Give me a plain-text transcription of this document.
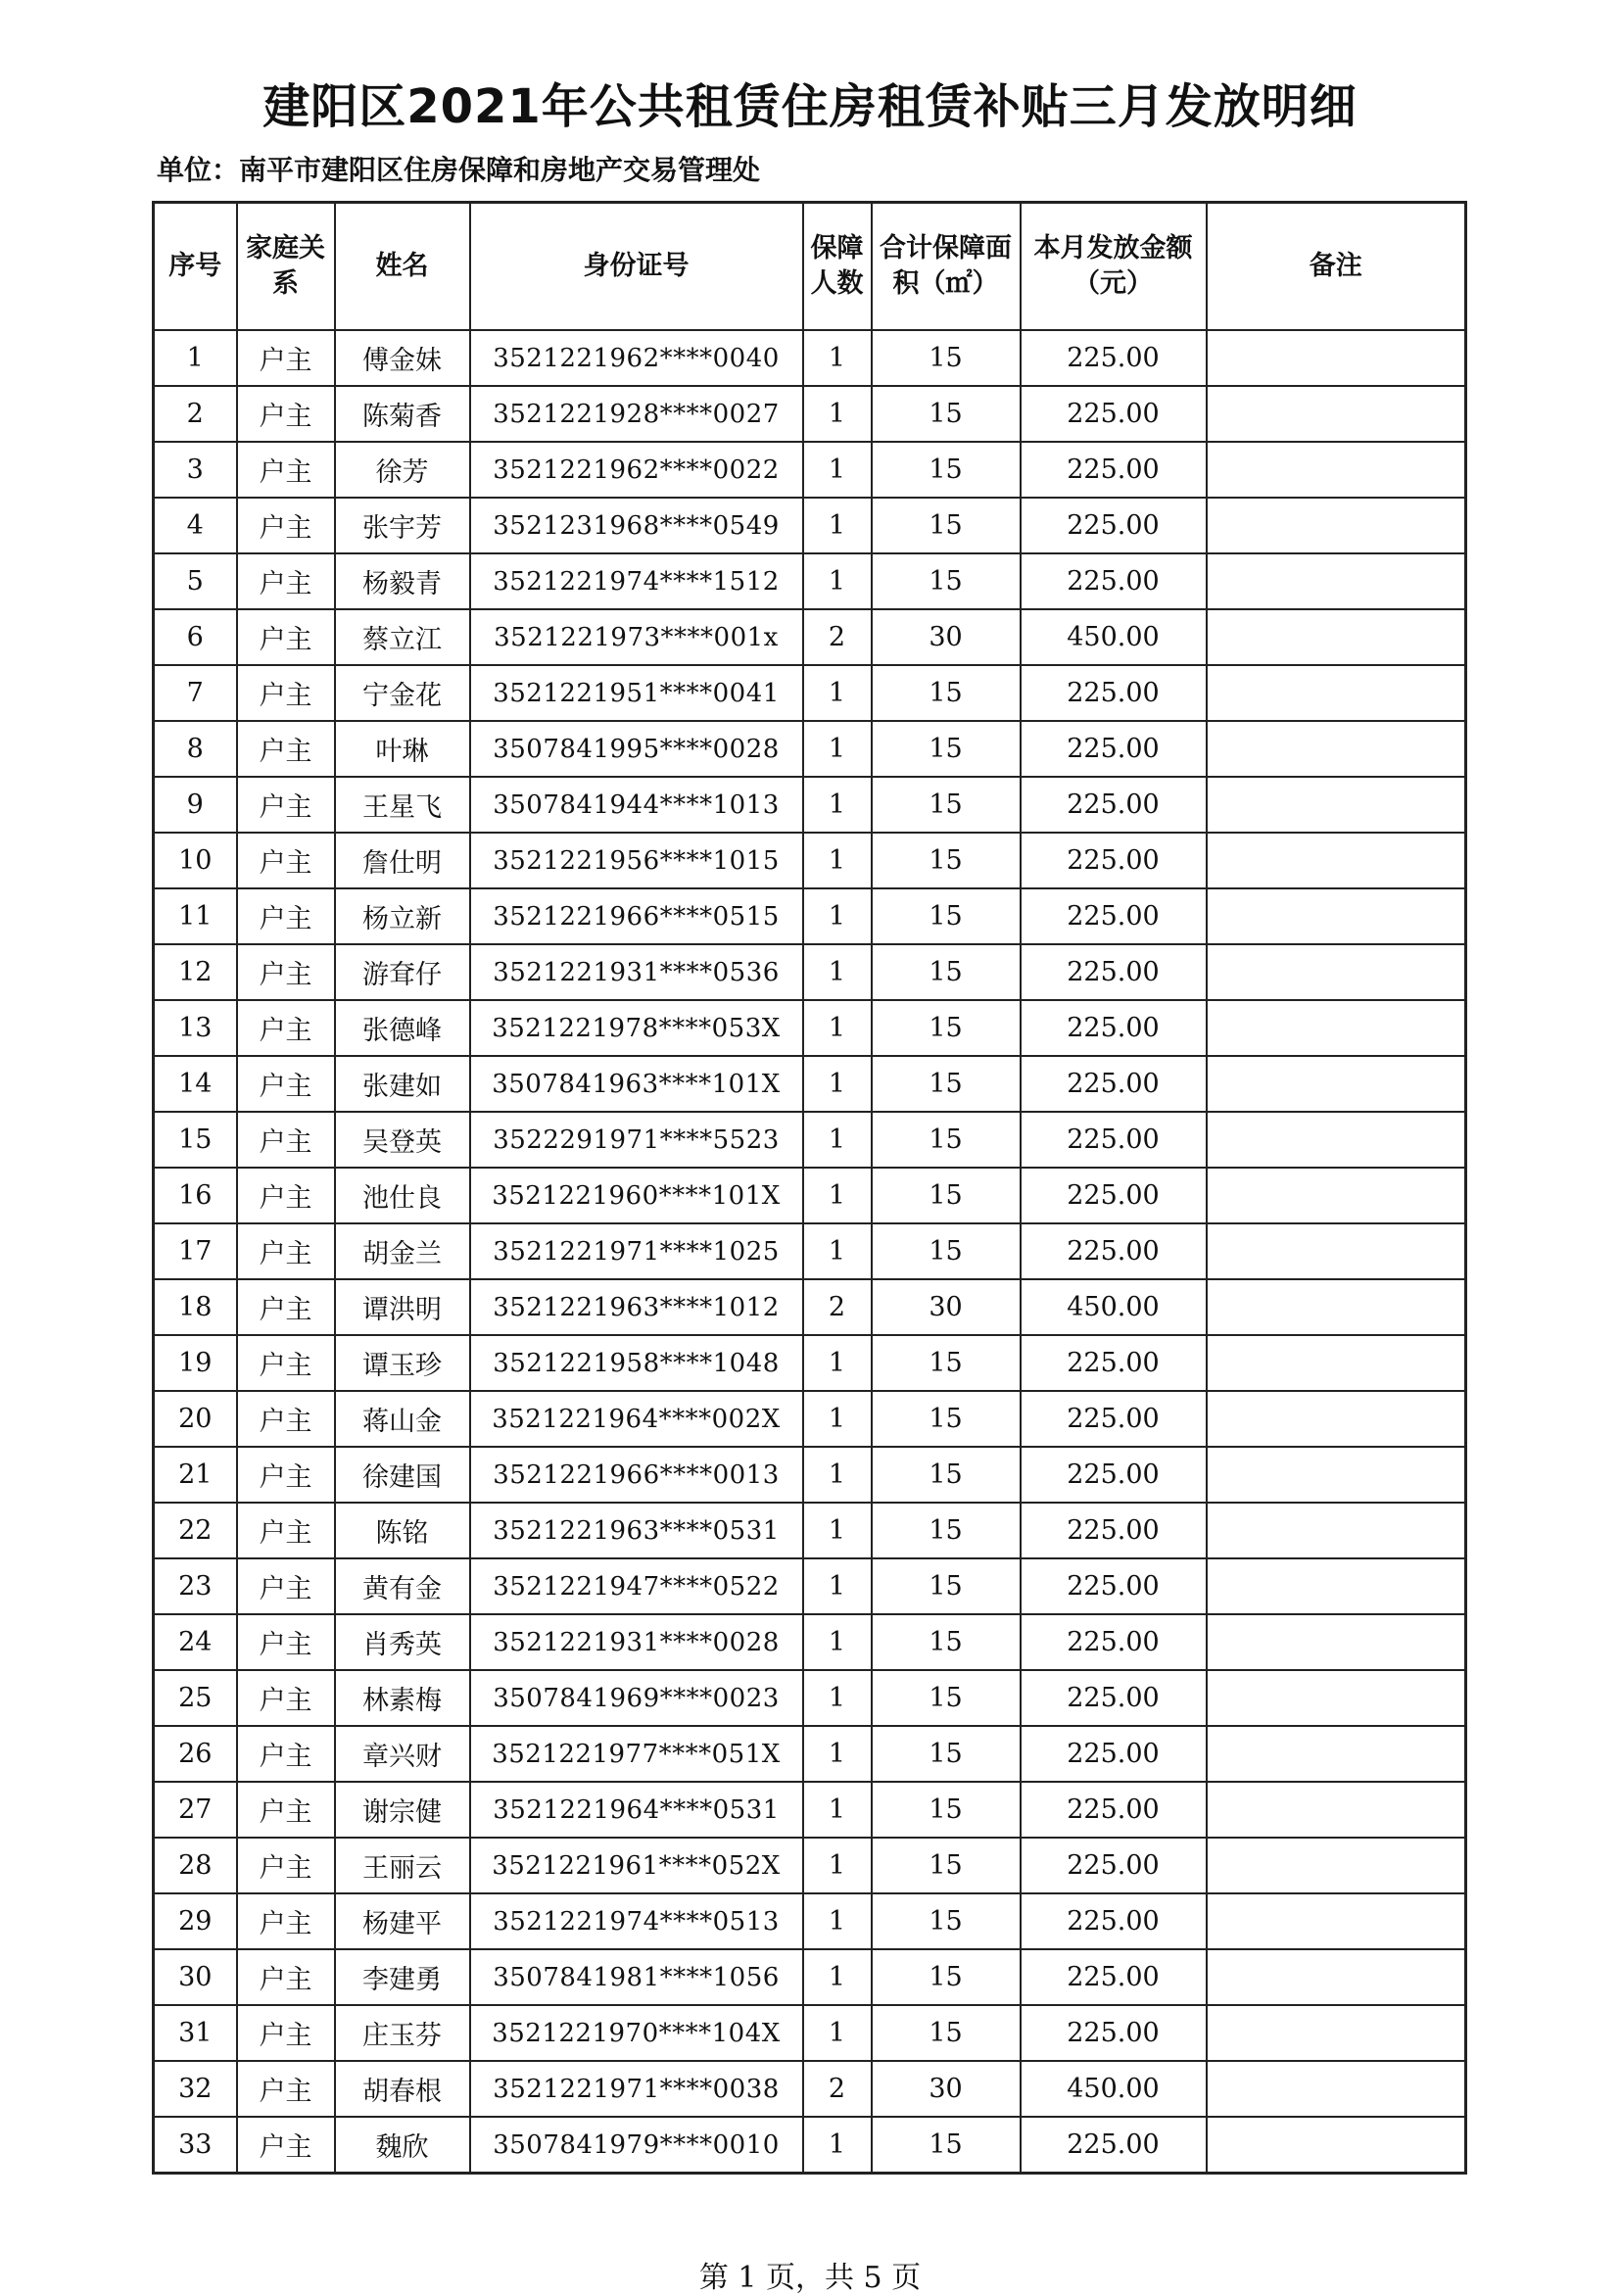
建阳区2021年公共租赁住房租赁补贴三月发放明细
单位：南平市建阳区住房保障和房地产交易管理处
序号	家庭关系	姓名	身份证号	保障人数	合计保障面积（㎡）	本月发放金额（元）	备注
1	户主	傅金妹	3521221962****0040	1	15	225.00	
2	户主	陈菊香	3521221928****0027	1	15	225.00	
3	户主	徐芳	3521221962****0022	1	15	225.00	
4	户主	张宇芳	3521231968****0549	1	15	225.00	
5	户主	杨毅青	3521221974****1512	1	15	225.00	
6	户主	蔡立江	3521221973****001x	2	30	450.00	
7	户主	宁金花	3521221951****0041	1	15	225.00	
8	户主	叶琳	3507841995****0028	1	15	225.00	
9	户主	王星飞	3507841944****1013	1	15	225.00	
10	户主	詹仕明	3521221956****1015	1	15	225.00	
11	户主	杨立新	3521221966****0515	1	15	225.00	
12	户主	游耷仔	3521221931****0536	1	15	225.00	
13	户主	张德峰	3521221978****053X	1	15	225.00	
14	户主	张建如	3507841963****101X	1	15	225.00	
15	户主	吴登英	3522291971****5523	1	15	225.00	
16	户主	池仕良	3521221960****101X	1	15	225.00	
17	户主	胡金兰	3521221971****1025	1	15	225.00	
18	户主	谭洪明	3521221963****1012	2	30	450.00	
19	户主	谭玉珍	3521221958****1048	1	15	225.00	
20	户主	蒋山金	3521221964****002X	1	15	225.00	
21	户主	徐建国	3521221966****0013	1	15	225.00	
22	户主	陈铭	3521221963****0531	1	15	225.00	
23	户主	黄有金	3521221947****0522	1	15	225.00	
24	户主	肖秀英	3521221931****0028	1	15	225.00	
25	户主	林素梅	3507841969****0023	1	15	225.00	
26	户主	章兴财	3521221977****051X	1	15	225.00	
27	户主	谢宗健	3521221964****0531	1	15	225.00	
28	户主	王丽云	3521221961****052X	1	15	225.00	
29	户主	杨建平	3521221974****0513	1	15	225.00	
30	户主	李建勇	3507841981****1056	1	15	225.00	
31	户主	庄玉芬	3521221970****104X	1	15	225.00	
32	户主	胡春根	3521221971****0038	2	30	450.00	
33	户主	魏欣	3507841979****0010	1	15	225.00	
第 1 页，共 5 页
